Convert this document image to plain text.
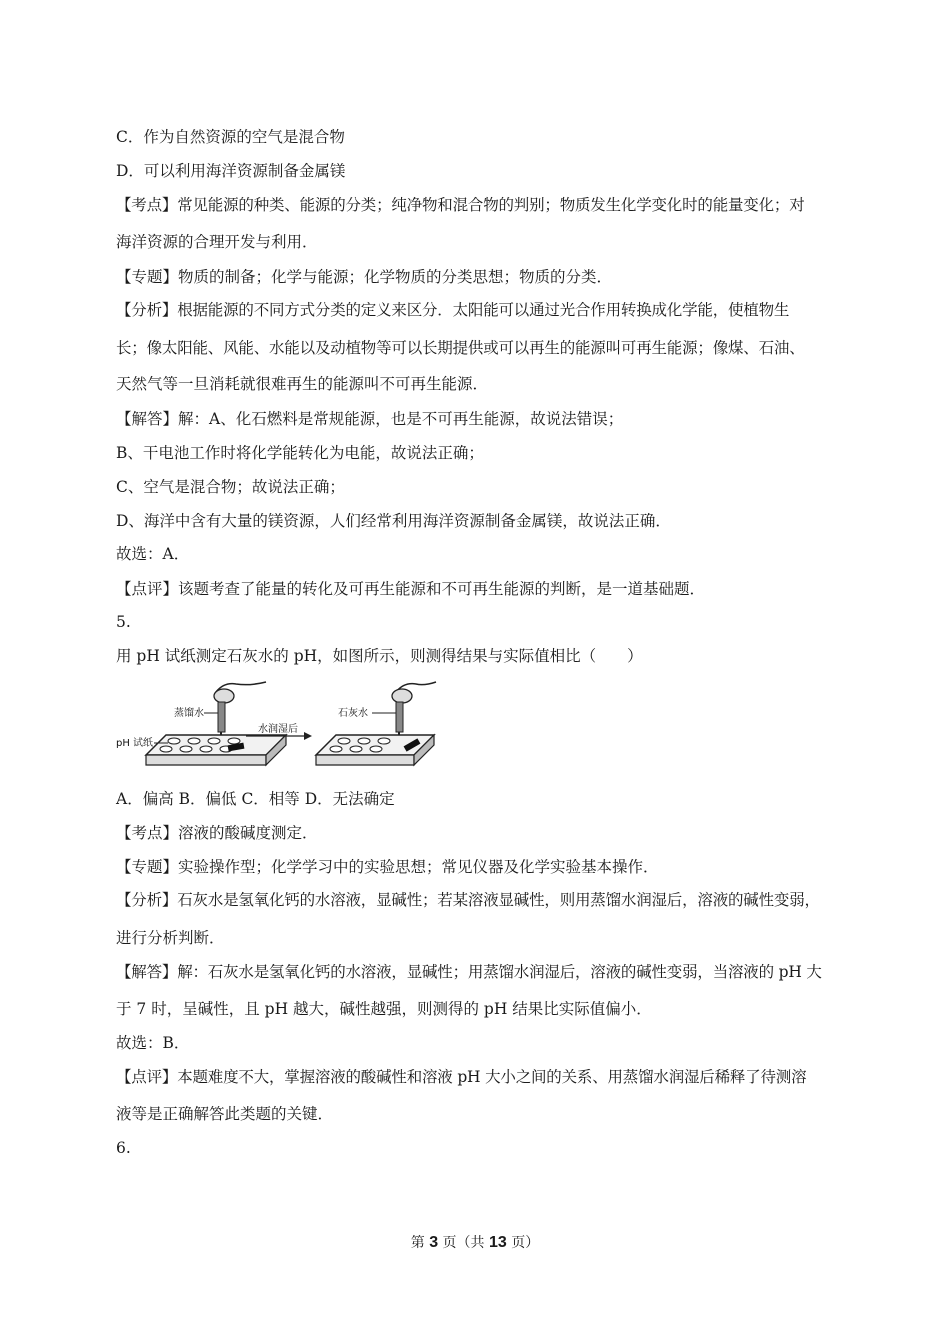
C．作为自然资源的空气是混合物
D．可以利用海洋资源制备金属镁
【考点】常见能源的种类、能源的分类；纯净物和混合物的判别；物质发生化学变化时的能量变化；对
海洋资源的合理开发与利用．
【专题】物质的制备；化学与能源；化学物质的分类思想；物质的分类．
【分析】根据能源的不同方式分类的定义来区分．太阳能可以通过光合作用转换成化学能，使植物生
长；像太阳能、风能、水能以及动植物等可以长期提供或可以再生的能源叫可再生能源；像煤、石油、
天然气等一旦消耗就很难再生的能源叫不可再生能源．
【解答】解：A、化石燃料是常规能源，也是不可再生能源，故说法错误；
B、干电池工作时将化学能转化为电能，故说法正确；
C、空气是混合物；故说法正确；
D、海洋中含有大量的镁资源，人们经常利用海洋资源制备金属镁，故说法正确．
故选：A．
【点评】该题考查了能量的转化及可再生能源和不可再生能源的判断，是一道基础题．
5.
用 pH 试纸测定石灰水的 pH，如图所示，则测得结果与实际值相比（　　）
蒸馏水
pH 试纸
水润湿后
石灰水
A．偏高 B．偏低 C．相等 D．无法确定
【考点】溶液的酸碱度测定．
【专题】实验操作型；化学学习中的实验思想；常见仪器及化学实验基本操作．
【分析】石灰水是氢氧化钙的水溶液，显碱性；若某溶液显碱性，则用蒸馏水润湿后，溶液的碱性变弱，
进行分析判断．
【解答】解：石灰水是氢氧化钙的水溶液，显碱性；用蒸馏水润湿后，溶液的碱性变弱，当溶液的 pH 大
于 7 时，呈碱性，且 pH 越大，碱性越强，则测得的 pH 结果比实际值偏小．
故选：B．
【点评】本题难度不大，掌握溶液的酸碱性和溶液 pH 大小之间的关系、用蒸馏水润湿后稀释了待测溶
液等是正确解答此类题的关键．
6.
第 3 页（共 13 页）
